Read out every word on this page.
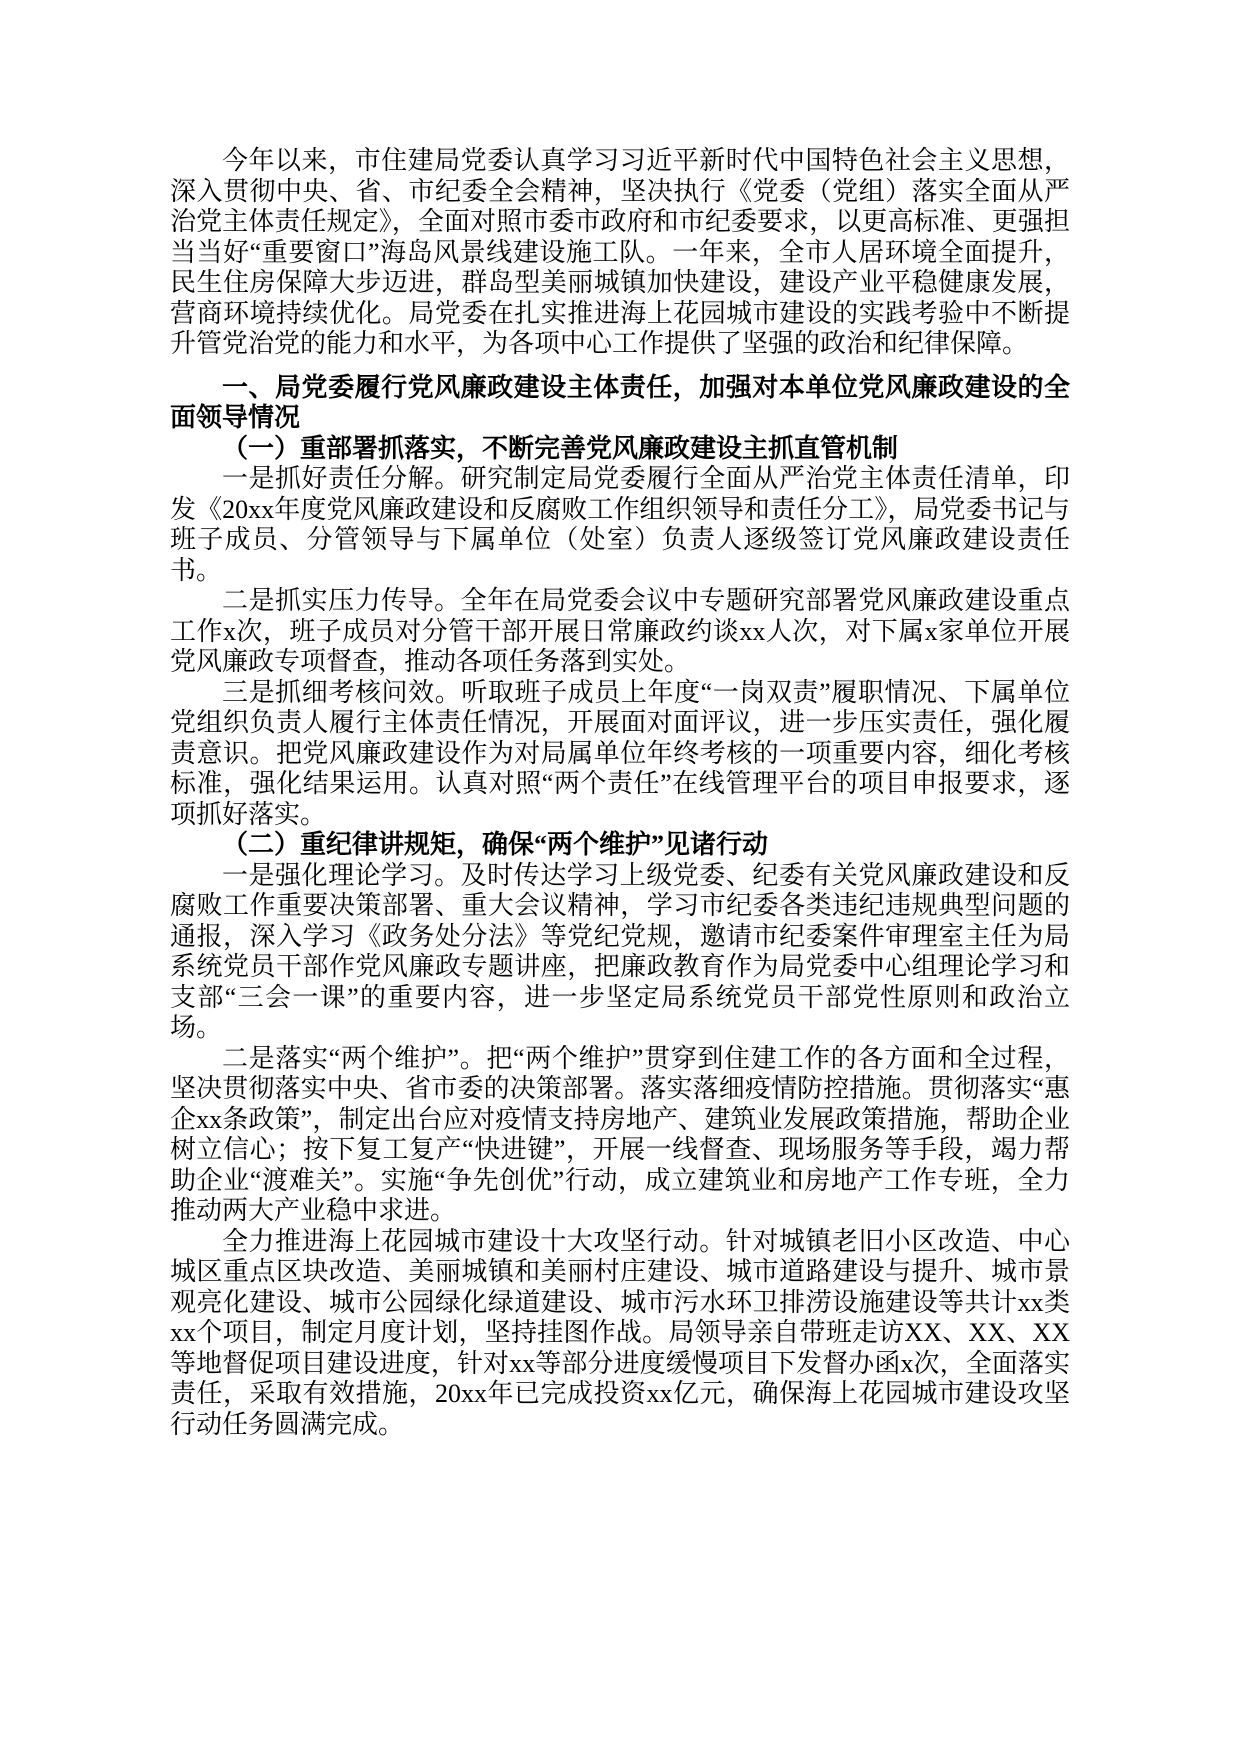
今年以来，市住建局党委认真学习习近平新时代中国特色社会主义思想，深入贯彻中央、省、市纪委全会精神，坚决执行《党委（党组）落实全面从严治党主体责任规定》，全面对照市委市政府和市纪委要求，以更高标准、更强担当当好“重要窗口”海岛风景线建设施工队。一年来，全市人居环境全面提升，民生住房保障大步迈进，群岛型美丽城镇加快建设，建设产业平稳健康发展，营商环境持续优化。局党委在扎实推进海上花园城市建设的实践考验中不断提升管党治党的能力和水平，为各项中心工作提供了坚强的政治和纪律保障。

一、局党委履行党风廉政建设主体责任，加强对本单位党风廉政建设的全面领导情况

（一）重部署抓落实，不断完善党风廉政建设主抓直管机制

一是抓好责任分解。研究制定局党委履行全面从严治党主体责任清单，印发《20xx年度党风廉政建设和反腐败工作组织领导和责任分工》，局党委书记与班子成员、分管领导与下属单位（处室）负责人逐级签订党风廉政建设责任书。

二是抓实压力传导。全年在局党委会议中专题研究部署党风廉政建设重点工作x次，班子成员对分管干部开展日常廉政约谈xx人次，对下属x家单位开展党风廉政专项督查，推动各项任务落到实处。

三是抓细考核问效。听取班子成员上年度“一岗双责”履职情况、下属单位党组织负责人履行主体责任情况，开展面对面评议，进一步压实责任，强化履责意识。把党风廉政建设作为对局属单位年终考核的一项重要内容，细化考核标准，强化结果运用。认真对照“两个责任”在线管理平台的项目申报要求，逐项抓好落实。

（二）重纪律讲规矩，确保“两个维护”见诸行动

一是强化理论学习。及时传达学习上级党委、纪委有关党风廉政建设和反腐败工作重要决策部署、重大会议精神，学习市纪委各类违纪违规典型问题的通报，深入学习《政务处分法》等党纪党规，邀请市纪委案件审理室主任为局系统党员干部作党风廉政专题讲座，把廉政教育作为局党委中心组理论学习和支部“三会一课”的重要内容，进一步坚定局系统党员干部党性原则和政治立场。

二是落实“两个维护”。把“两个维护”贯穿到住建工作的各方面和全过程，坚决贯彻落实中央、省市委的决策部署。落实落细疫情防控措施。贯彻落实“惠企xx条政策”，制定出台应对疫情支持房地产、建筑业发展政策措施，帮助企业树立信心；按下复工复产“快进键”，开展一线督查、现场服务等手段，竭力帮助企业“渡难关”。实施“争先创优”行动，成立建筑业和房地产工作专班，全力推动两大产业稳中求进。

全力推进海上花园城市建设十大攻坚行动。针对城镇老旧小区改造、中心城区重点区块改造、美丽城镇和美丽村庄建设、城市道路建设与提升、城市景观亮化建设、城市公园绿化绿道建设、城市污水环卫排涝设施建设等共计xx类xx个项目，制定月度计划，坚持挂图作战。局领导亲自带班走访XX、XX、XX等地督促项目建设进度，针对xx等部分进度缓慢项目下发督办函x次，全面落实责任，采取有效措施，20xx年已完成投资xx亿元，确保海上花园城市建设攻坚行动任务圆满完成。
